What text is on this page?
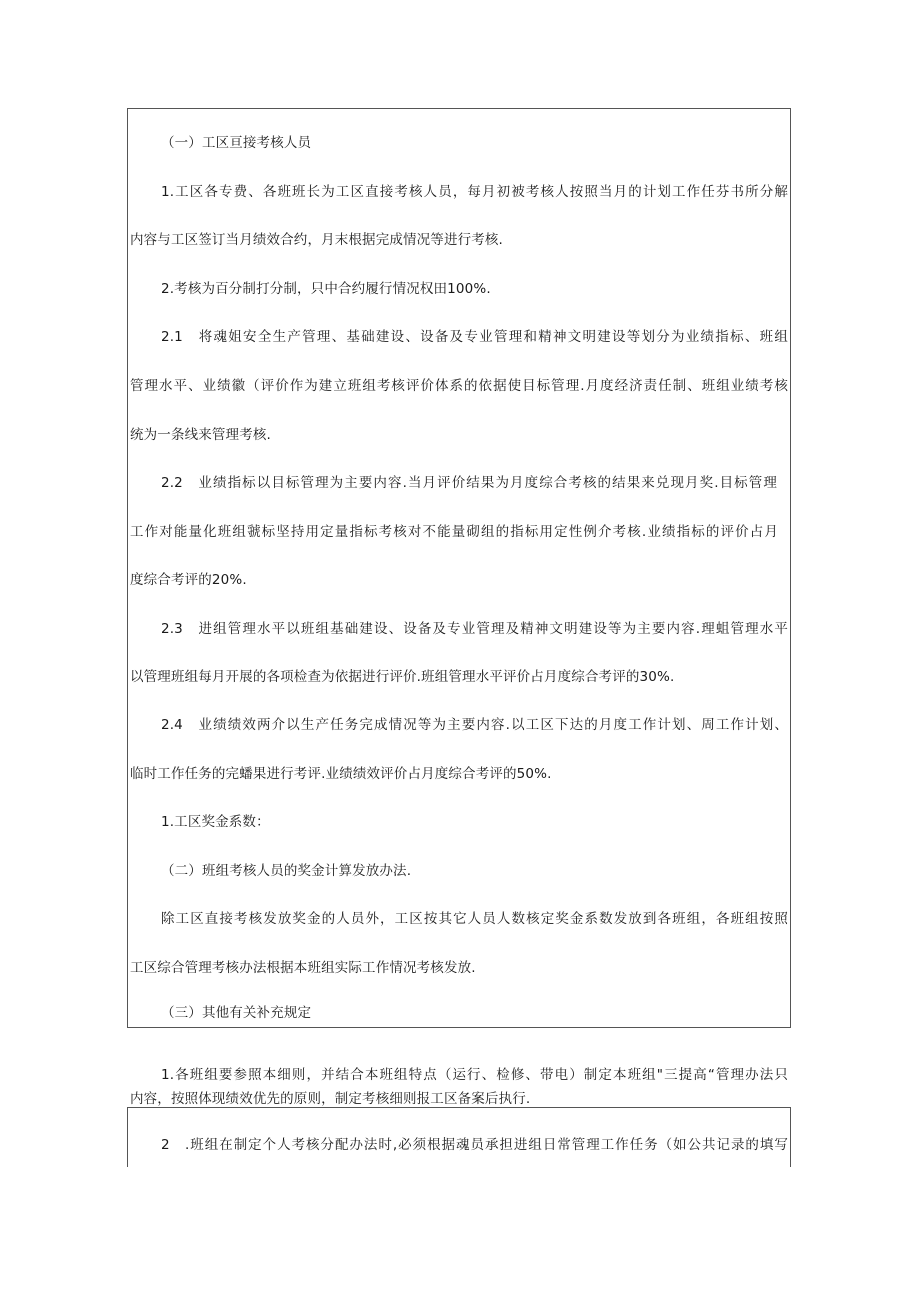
（一）工区亘接考核人员
1.工区各专费、各班班长为工区直接考核人员，每月初被考核人按照当月的计划工作任芬书所分解
内容与工区签订当月绩效合约，月末根据完成情况等进行考核.
2.考核为百分制打分制，只中合约履行情况权田100%.
2.1　将魂姐安全生产管理、基础建设、设备及专业管理和精神文明建设等划分为业绩指标、班组
管理水平、业绩徽（评价作为建立班组考核评价体系的依据使目标管理.月度经济责任制、班组业绩考核
统为一条线来管理考核.
2.2　业绩指标以目标管理为主要内容.当月评价结果为月度综合考核的结果来兑现月奖.目标管理
工作对能量化班组虢标坚持用定量指标考核对不能量砌组的指标用定性例介考核.业绩指标的评价占月
度综合考评的20%.
2.3　进组管理水平以班组基础建设、设备及专业管理及精神文明建设等为主要内容.理蛆管理水平
以管理班组每月开展的各项检查为依据进行评价.班组管理水平评价占月度综合考评的30%.
2.4　业绩绩效两介以生产任务完成情况等为主要内容.以工区下达的月度工作计划、周工作计划、
临时工作任务的完蟠果进行考评.业绩绩效评价占月度综合考评的50%.
1.工区奖金系数：
（二）班组考核人员的奖金计算发放办法.
除工区直接考核发放奖金的人员外，工区按其它人员人数核定奖金系数发放到各班组，各班组按照
工区综合管理考核办法根据本班组实际工作情况考核发放.
（三）其他有关补充规定
1.各班组要参照本细则，并结合本班组特点（运行、检修、带电）制定本班组"三提高“管理办法只
内容，按照体现绩效优先的原则，制定考核细则报工区备案后执行.
2　.班组在制定个人考核分配办法时,必须根据魂员承担进组日常管理工作任务（如公共记录的填写
